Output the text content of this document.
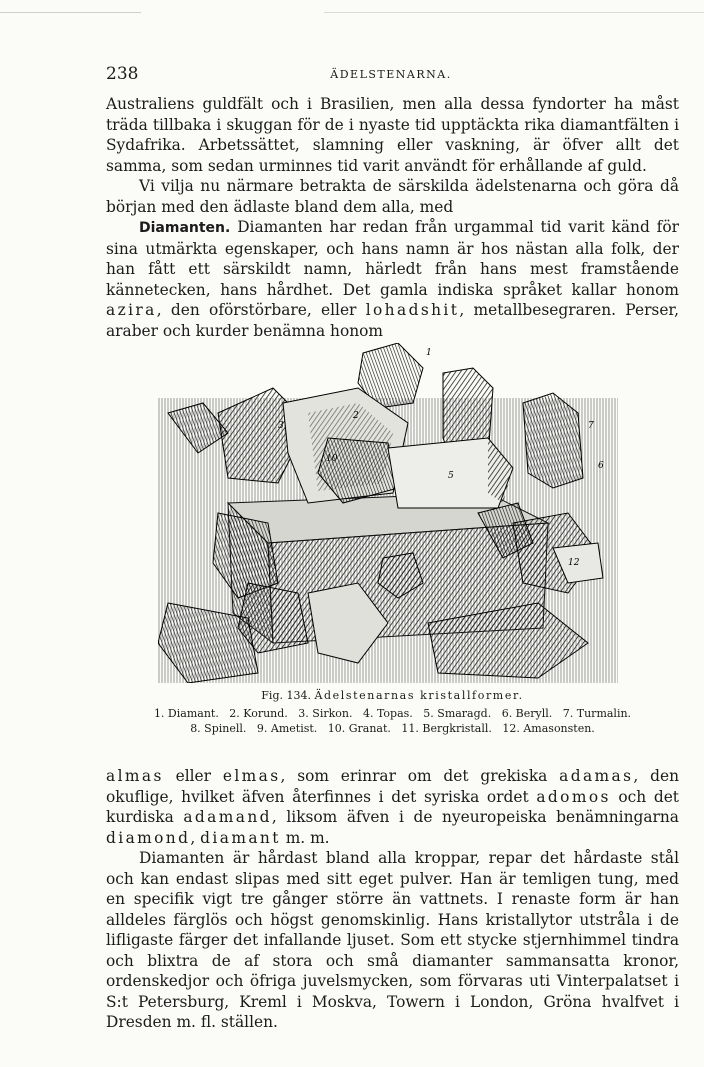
238	ÄDELSTENARNA.

Australiens guldfält och i Brasilien, men alla dessa fyndorter ha måst träda tillbaka i skuggan för de i nyaste tid upptäckta rika diamantfälten i Sydafrika. Arbetssättet, slamning eller vaskning, är öfver allt det samma, som sedan urminnes tid varit användt för erhållande af guld.

Vi vilja nu närmare betrakta de särskilda ädelstenarna och göra då början med den ädlaste bland dem alla, med

Diamanten. Diamanten har redan från urgammal tid varit känd för sina utmärkta egenskaper, och hans namn är hos nästan alla folk, der han fått ett särskildt namn, härledt från hans mest framstående kännetecken, hans hårdhet. Det gamla indiska språket kallar honom azira, den oförstörbare, eller lohadshit, metallbesegraren. Perser, araber och kurder benämna honom

1
2
3
5
6
7
10
12
Fig. 134. Ädelstenarnas kristallformer.
1. Diamant.   2. Korund.   3. Sirkon.   4. Topas.   5. Smaragd.   6. Beryll.   7. Turmalin.
8. Spinell.   9. Ametist.   10. Granat.   11. Bergkristall.   12. Amasonsten.

almas eller elmas, som erinrar om det grekiska adamas, den okuflige, hvilket äfven återfinnes i det syriska ordet adomos och det kurdiska adamand, liksom äfven i de nyeuropeiska benämningarna diamond, diamant m. m.

Diamanten är hårdast bland alla kroppar, repar det hårdaste stål och kan endast slipas med sitt eget pulver. Han är temligen tung, med en specifik vigt tre gånger större än vattnets. I renaste form är han alldeles färglös och högst genomskinlig. Hans kristallytor utstråla i de lifligaste färger det infallande ljuset. Som ett stycke stjernhimmel tindra och blixtra de af stora och små diamanter sammansatta kronor, ordenskedjor och öfriga juvelsmycken, som förvaras uti Vinterpalatset i S:t Petersburg, Kreml i Moskva, Towern i London, Gröna hvalfvet i Dresden m. fl. ställen.
